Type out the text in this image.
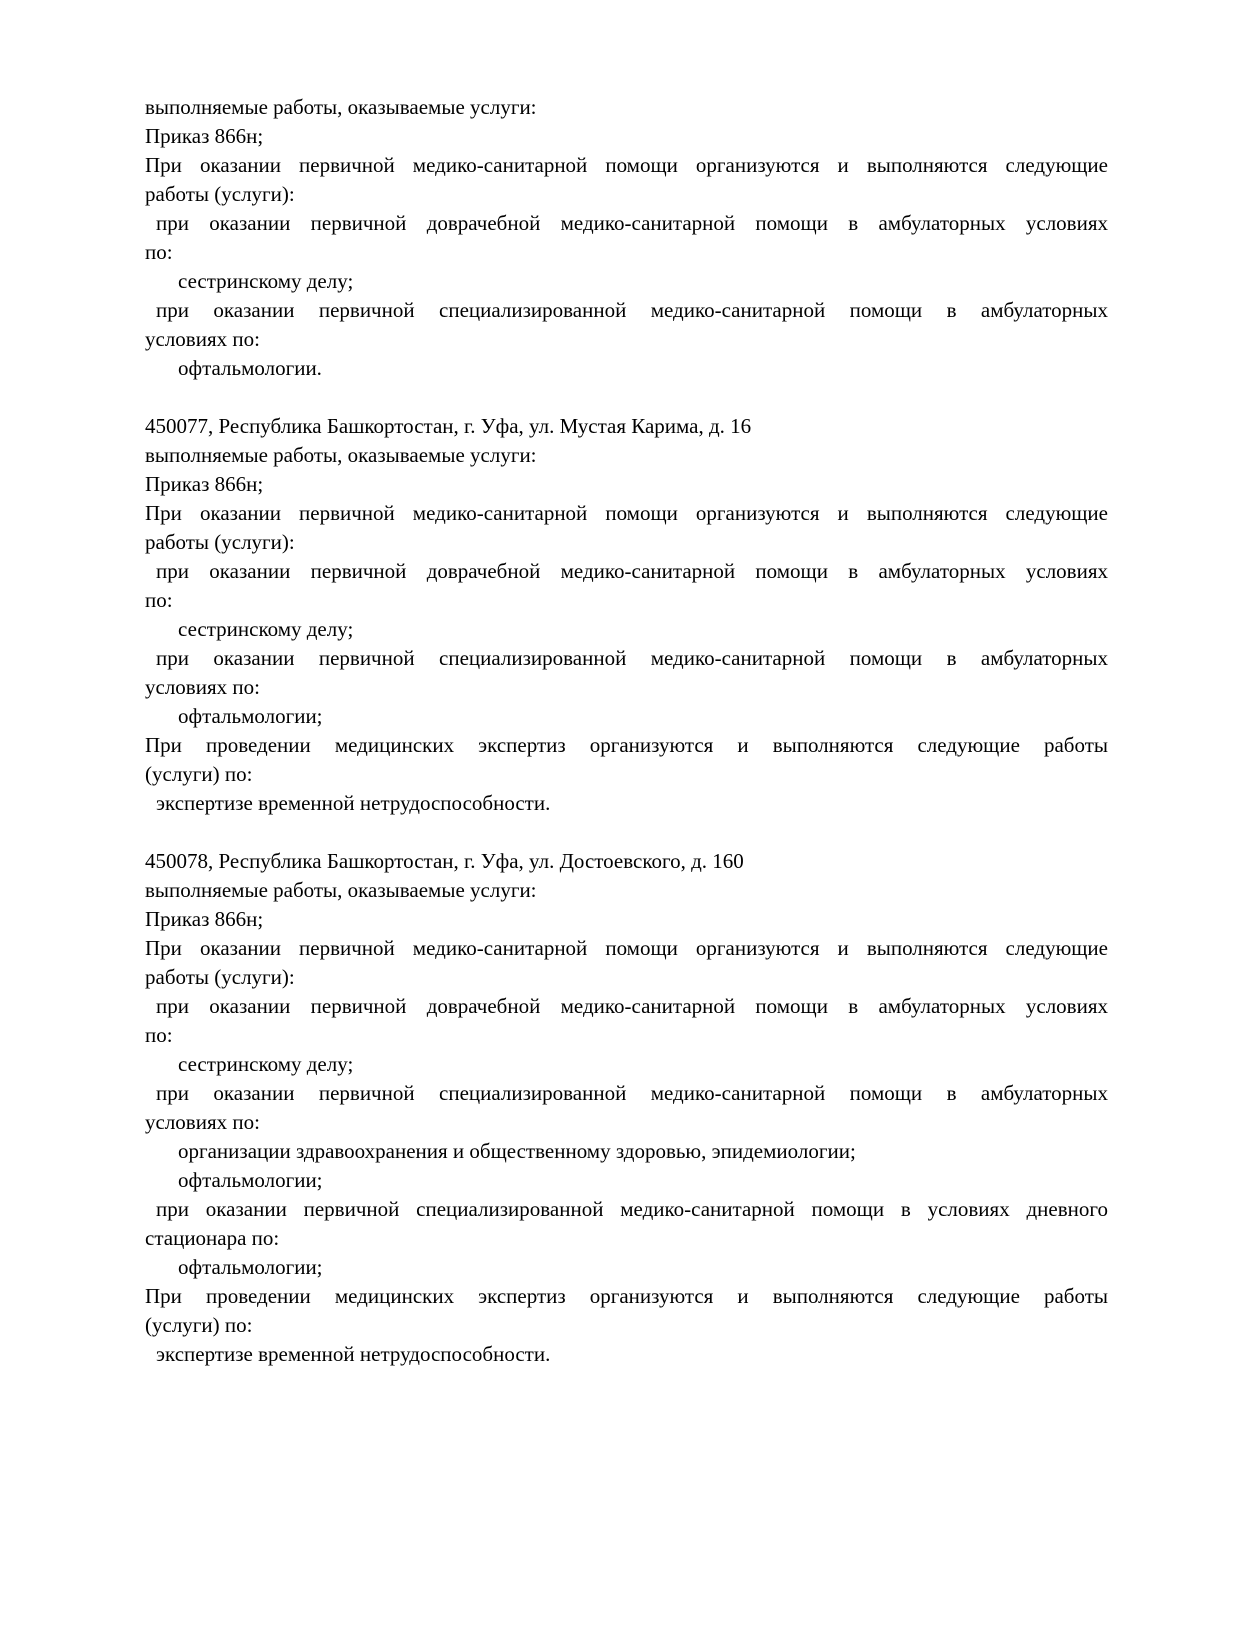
выполняемые работы, оказываемые услуги:

Приказ 866н;

При оказании первичной медико-санитарной помощи организуются и выполняются следующие

работы (услуги):

при оказании первичной доврачебной медико-санитарной помощи в амбулаторных условиях

по:

сестринскому делу;

при оказании первичной специализированной медико-санитарной помощи в амбулаторных

условиях по:

офтальмологии.

450077, Республика Башкортостан, г. Уфа, ул. Мустая Карима, д. 16

выполняемые работы, оказываемые услуги:

Приказ 866н;

При оказании первичной медико-санитарной помощи организуются и выполняются следующие

работы (услуги):

при оказании первичной доврачебной медико-санитарной помощи в амбулаторных условиях

по:

сестринскому делу;

при оказании первичной специализированной медико-санитарной помощи в амбулаторных

условиях по:

офтальмологии;

При проведении медицинских экспертиз организуются и выполняются следующие работы

(услуги) по:

экспертизе временной нетрудоспособности.

450078, Республика Башкортостан, г. Уфа, ул. Достоевского, д. 160

выполняемые работы, оказываемые услуги:

Приказ 866н;

При оказании первичной медико-санитарной помощи организуются и выполняются следующие

работы (услуги):

при оказании первичной доврачебной медико-санитарной помощи в амбулаторных условиях

по:

сестринскому делу;

при оказании первичной специализированной медико-санитарной помощи в амбулаторных

условиях по:

организации здравоохранения и общественному здоровью, эпидемиологии;

офтальмологии;

при оказании первичной специализированной медико-санитарной помощи в условиях дневного

стационара по:

офтальмологии;

При проведении медицинских экспертиз организуются и выполняются следующие работы

(услуги) по:

экспертизе временной нетрудоспособности.
